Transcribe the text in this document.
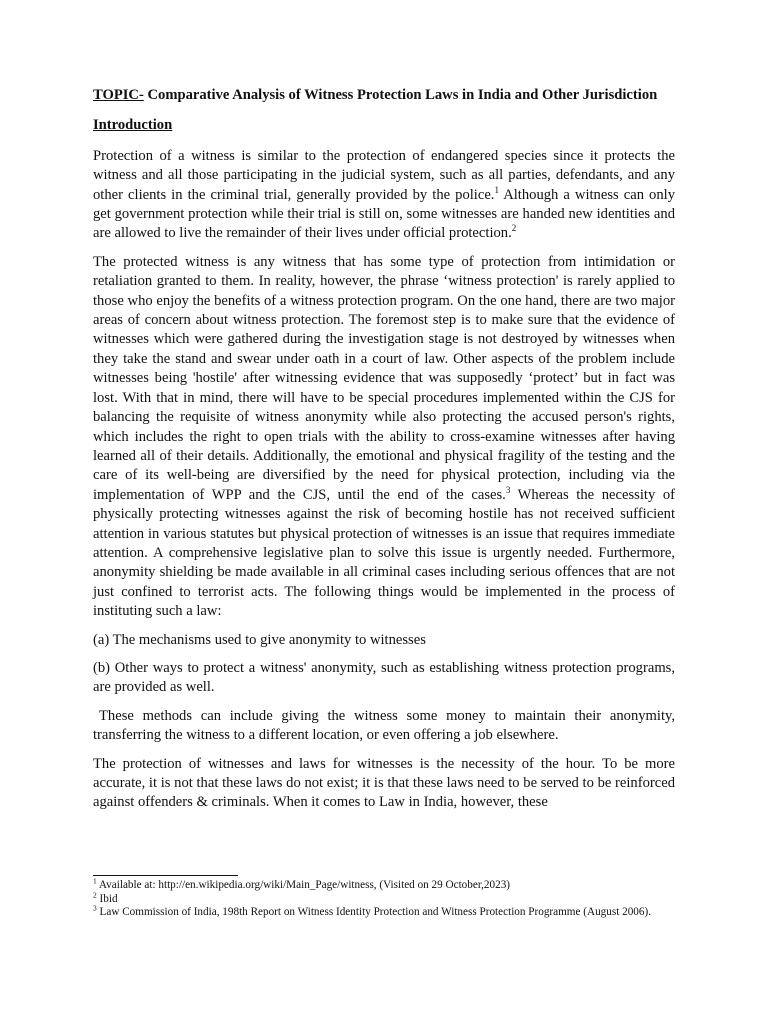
TOPIC- Comparative Analysis of Witness Protection Laws in India and Other Jurisdiction
Introduction

Protection of a witness is similar to the protection of endangered species since it protects the witness and all those participating in the judicial system, such as all parties, defendants, and any other clients in the criminal trial, generally provided by the police.$^1$ Although a witness can only get government protection while their trial is still on, some witnesses are handed new identities and are allowed to live the remainder of their lives under official protection.$^2$

The protected witness is any witness that has some type of protection from intimidation or retaliation granted to them. In reality, however, the phrase ‘witness protection' is rarely applied to those who enjoy the benefits of a witness protection program. On the one hand, there are two major areas of concern about witness protection. The foremost step is to make sure that the evidence of witnesses which were gathered during the investigation stage is not destroyed by witnesses when they take the stand and swear under oath in a court of law. Other aspects of the problem include witnesses being 'hostile' after witnessing evidence that was supposedly ‘protect’ but in fact was lost. With that in mind, there will have to be special procedures implemented within the CJS for balancing the requisite of witness anonymity while also protecting the accused person's rights, which includes the right to open trials with the ability to cross-examine witnesses after having learned all of their details. Additionally, the emotional and physical fragility of the testing and the care of its well-being are diversified by the need for physical protection, including via the implementation of WPP and the CJS, until the end of the cases.$^3$ Whereas the necessity of physically protecting witnesses against the risk of becoming hostile has not received sufficient attention in various statutes but physical protection of witnesses is an issue that requires immediate attention. A comprehensive legislative plan to solve this issue is urgently needed. Furthermore, anonymity shielding be made available in all criminal cases including serious offences that are not just confined to terrorist acts. The following things would be implemented in the process of instituting such a law:

(a) The mechanisms used to give anonymity to witnesses

(b) Other ways to protect a witness' anonymity, such as establishing witness protection programs, are provided as well.

These methods can include giving the witness some money to maintain their anonymity, transferring the witness to a different location, or even offering a job elsewhere.

The protection of witnesses and laws for witnesses is the necessity of the hour. To be more accurate, it is not that these laws do not exist; it is that these laws need to be served to be reinforced against offenders & criminals. When it comes to Law in India, however, these

$^1$ Available at: http://en.wikipedia.org/wiki/Main_Page/witness, (Visited on 29 October,2023)

$^2$ Ibid

$^3$ Law Commission of India, 198th Report on Witness Identity Protection and Witness Protection Programme (August 2006).
